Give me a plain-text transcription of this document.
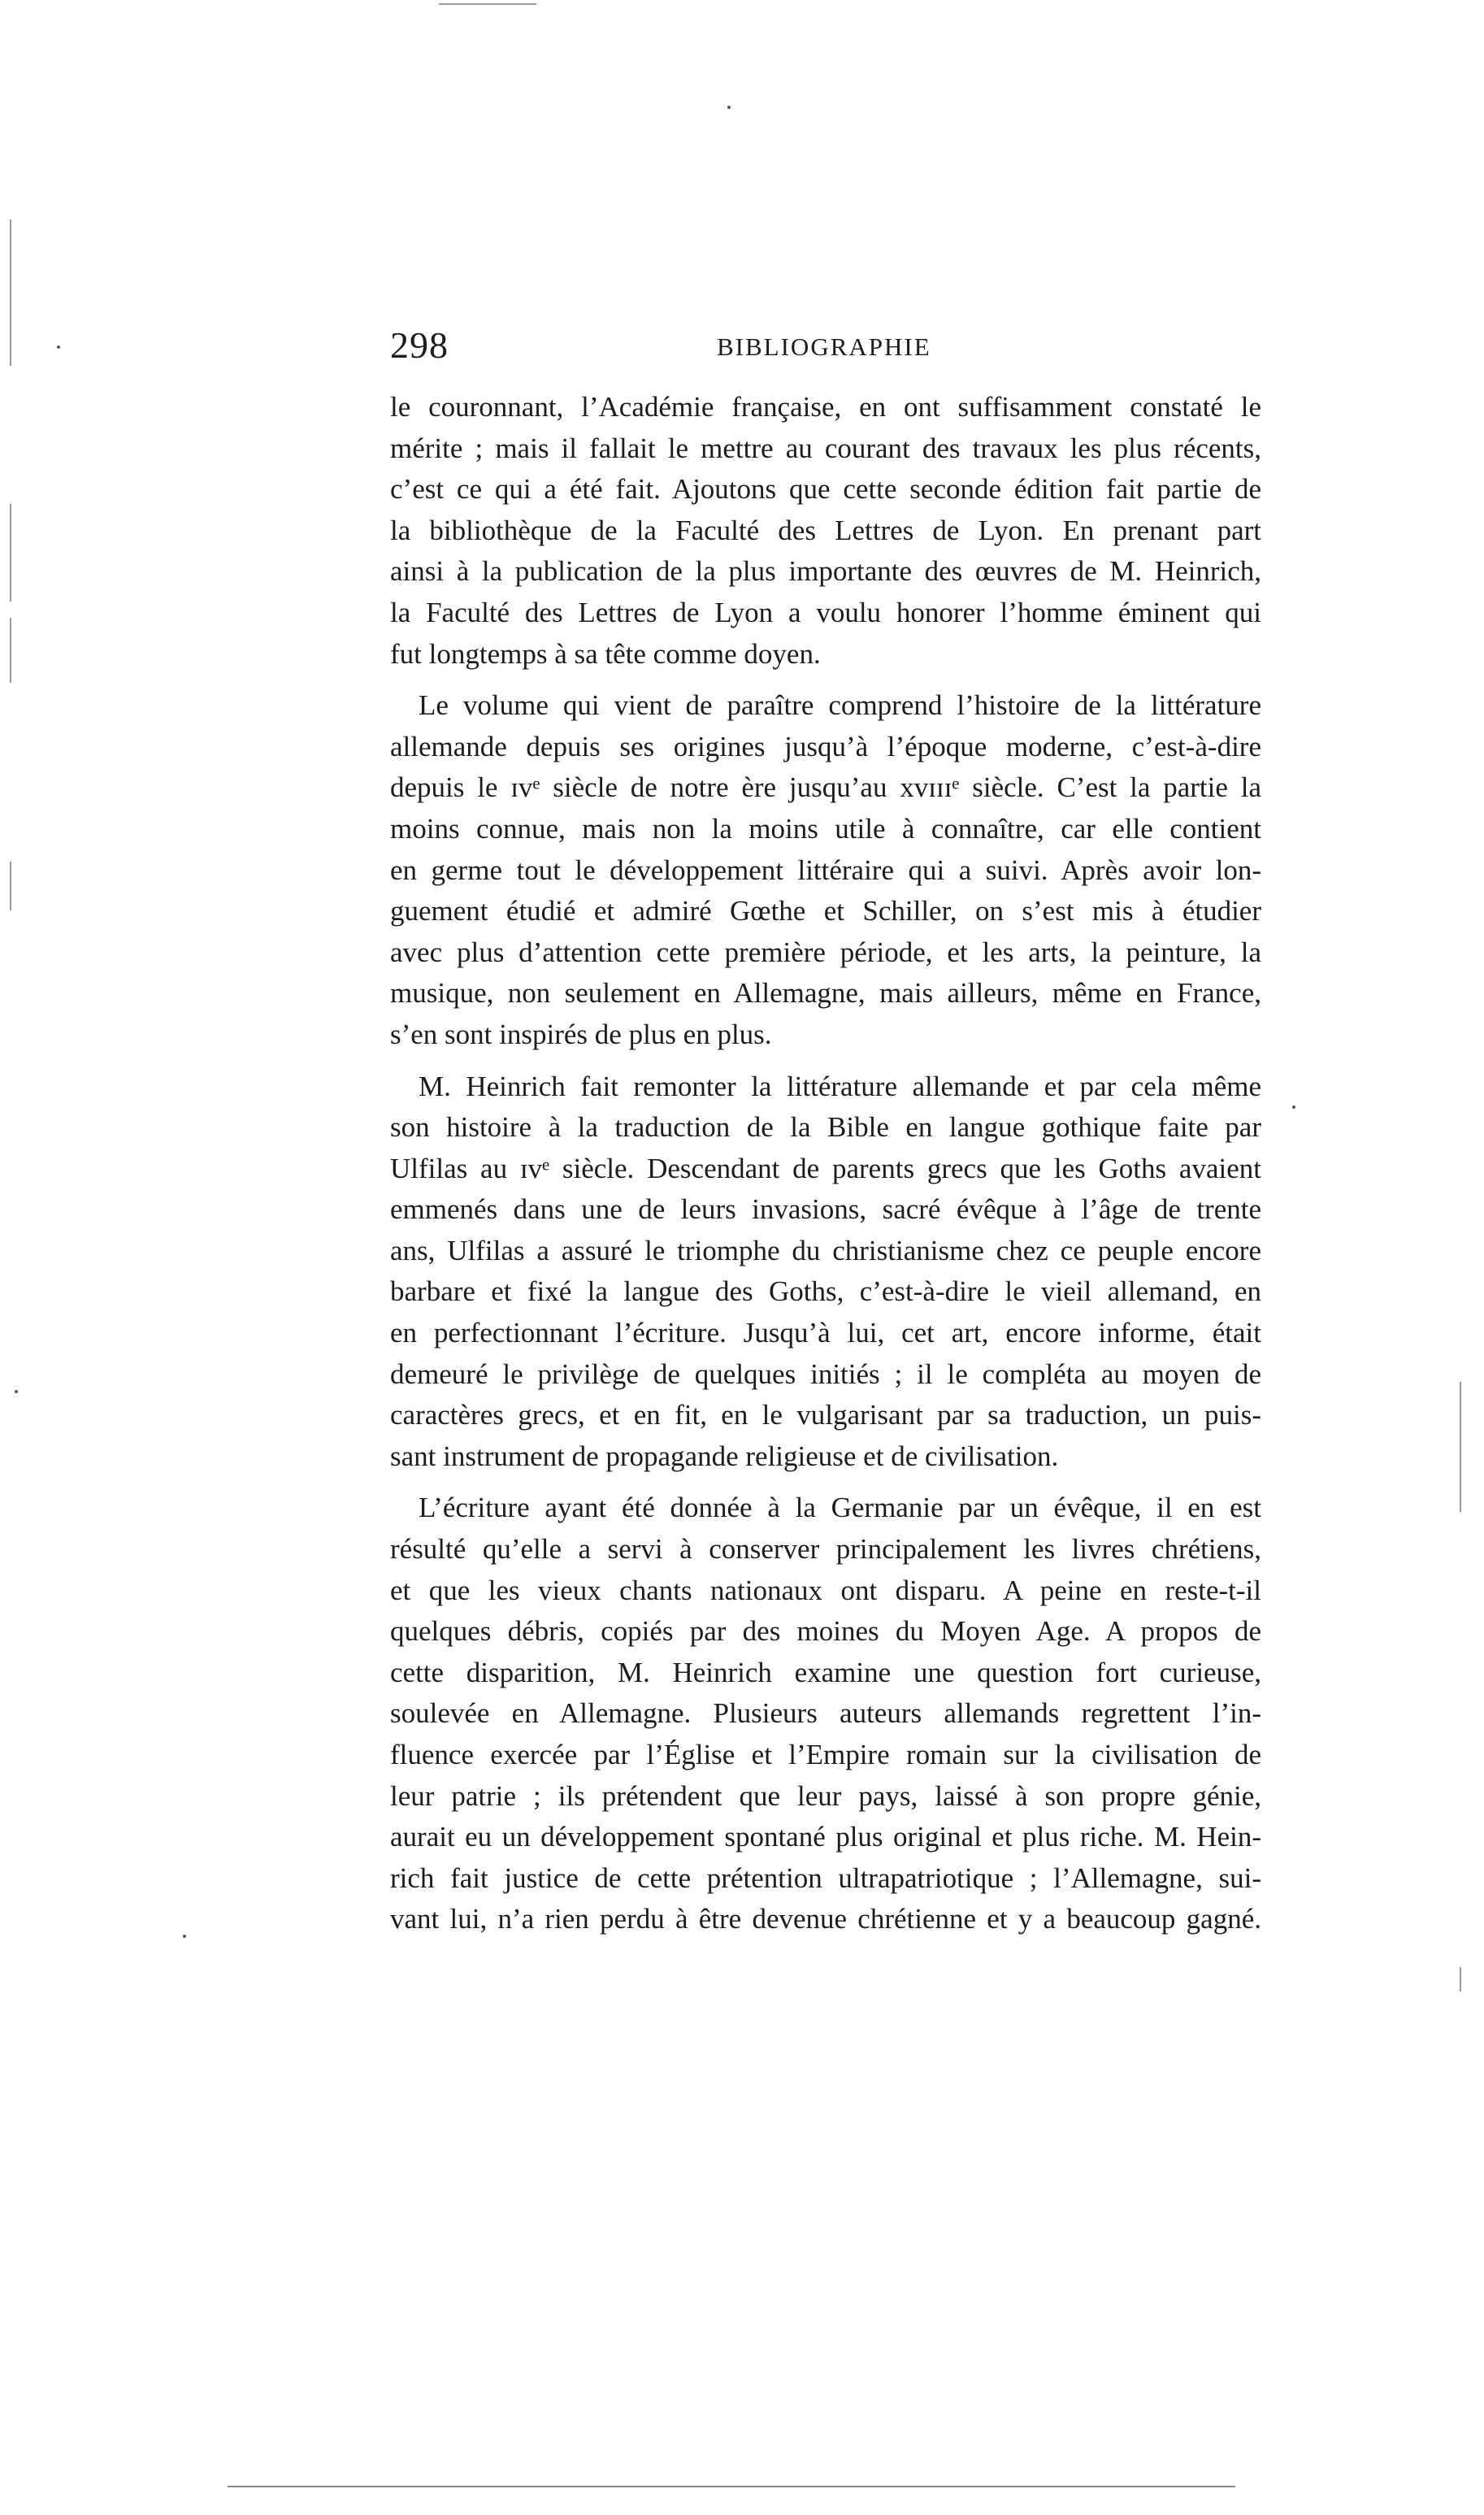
298	BIBLIOGRAPHIE

le couronnant, l’Académie française, en ont suffisamment constaté le
mérite ; mais il fallait le mettre au courant des travaux les plus récents,
c’est ce qui a été fait. Ajoutons que cette seconde édition fait partie de
la bibliothèque de la Faculté des Lettres de Lyon. En prenant part
ainsi à la publication de la plus importante des œuvres de M. Heinrich,
la Faculté des Lettres de Lyon a voulu honorer l’homme éminent qui
fut longtemps à sa tête comme doyen.

Le volume qui vient de paraître comprend l’histoire de la littérature
allemande depuis ses origines jusqu’à l’époque moderne, c’est-à-dire
depuis le ɪᴠᵉ siècle de notre ère jusqu’au xᴠɪɪɪᵉ siècle. C’est la partie la
moins connue, mais non la moins utile à connaître, car elle contient
en germe tout le développement littéraire qui a suivi. Après avoir lon-
guement étudié et admiré Gœthe et Schiller, on s’est mis à étudier
avec plus d’attention cette première période, et les arts, la peinture, la
musique, non seulement en Allemagne, mais ailleurs, même en France,
s’en sont inspirés de plus en plus.

M. Heinrich fait remonter la littérature allemande et par cela même
son histoire à la traduction de la Bible en langue gothique faite par
Ulfilas au ɪᴠᵉ siècle. Descendant de parents grecs que les Goths avaient
emmenés dans une de leurs invasions, sacré évêque à l’âge de trente
ans, Ulfilas a assuré le triomphe du christianisme chez ce peuple encore
barbare et fixé la langue des Goths, c’est-à-dire le vieil allemand, en
en perfectionnant l’écriture. Jusqu’à lui, cet art, encore informe, était
demeuré le privilège de quelques initiés ; il le compléta au moyen de
caractères grecs, et en fit, en le vulgarisant par sa traduction, un puis-
sant instrument de propagande religieuse et de civilisation.

L’écriture ayant été donnée à la Germanie par un évêque, il en est
résulté qu’elle a servi à conserver principalement les livres chrétiens,
et que les vieux chants nationaux ont disparu. A peine en reste-t-il
quelques débris, copiés par des moines du Moyen Age. A propos de
cette disparition, M. Heinrich examine une question fort curieuse,
soulevée en Allemagne. Plusieurs auteurs allemands regrettent l’in-
fluence exercée par l’Église et l’Empire romain sur la civilisation de
leur patrie ; ils prétendent que leur pays, laissé à son propre génie,
aurait eu un développement spontané plus original et plus riche. M. Hein-
rich fait justice de cette prétention ultrapatriotique ; l’Allemagne, sui-
vant lui, n’a rien perdu à être devenue chrétienne et y a beaucoup gagné.
